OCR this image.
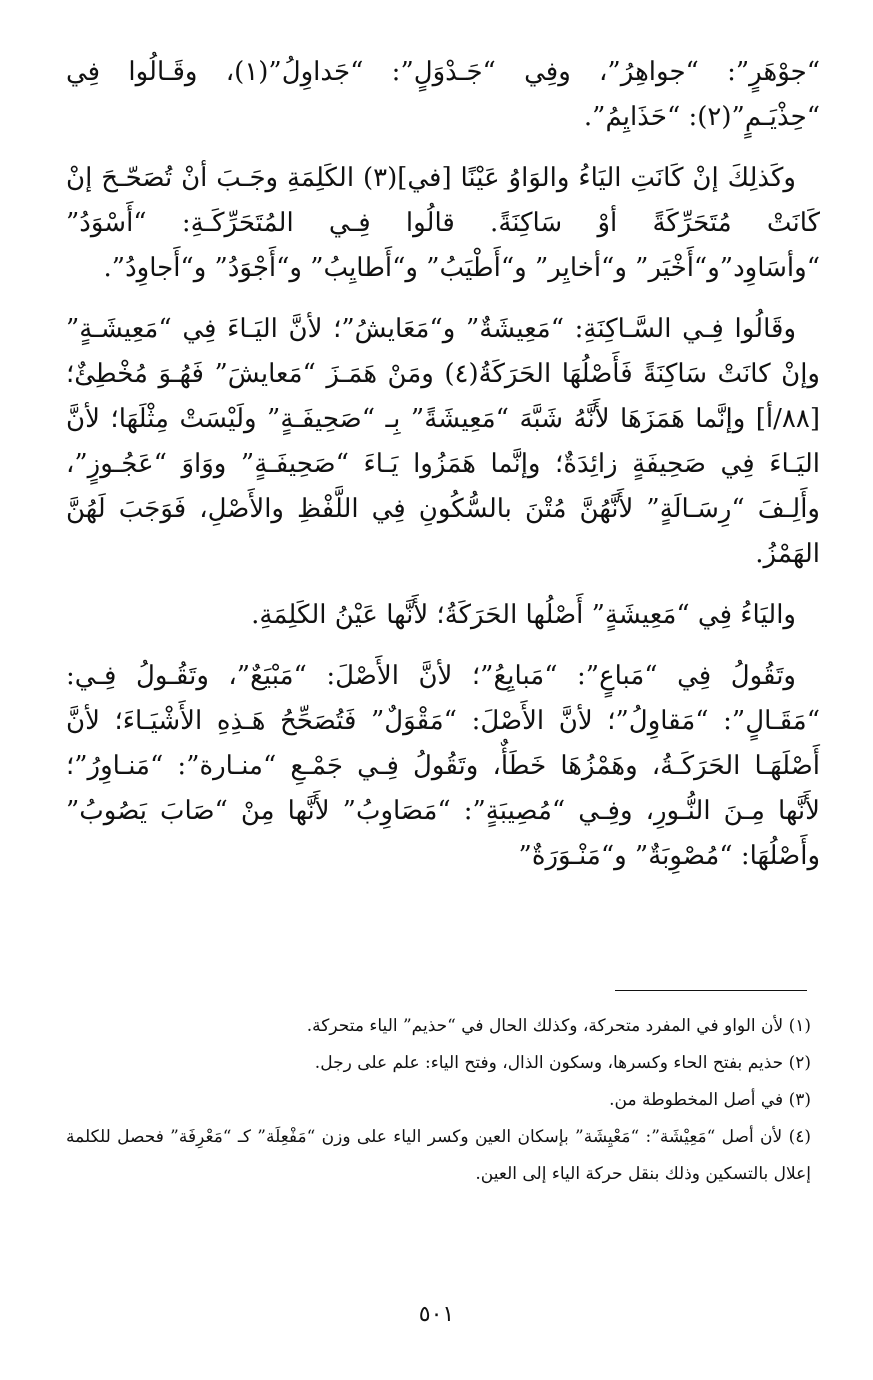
“جوْهَرٍ”: “جواهِرُ”، وفِي “جَـدْوَلٍ”: “جَداوِلُ”(١)، وقَـالُوا فِي “حِذْيَـمٍ”(٢): “حَذَايِمُ”.

وكَذلِكَ إنْ كَانَتِ اليَاءُ والوَاوُ عَيْنًا [في](٣) الكَلِمَةِ وجَـبَ أنْ تُصَحّـحَ إنْ كَانَتْ مُتَحَرِّكَةً أوْ سَاكِنَةً. قالُوا فِـي المُتَحَرِّكَـةِ: “أَسْوَدُ” “وأسَاوِد”و“أَخْيَر” و“أخايِر” و“أَطْيَبُ” و“أَطايِبُ” و“أَجْوَدُ” و“أَجاوِدُ”.

وقَالُوا فِـي السَّـاكِنَةِ: “مَعِيشَةٌ” و“مَعَايشُ”؛ لأنَّ اليَـاءَ فِي “مَعِيشَـةٍ” وإنْ كانَتْ سَاكِنَةً فَأَصْلُهَا الحَرَكَةُ(٤) ومَنْ هَمَـزَ “مَعايشَ” فَهُـوَ مُخْطِئٌ؛ [٨٨/أ] وإنَّما هَمَزَهَا لأَنَّهُ شَبَّهَ “مَعِيشَةً” بِـ “صَحِيفَـةٍ” ولَيْسَتْ مِثْلَهَا؛ لأنَّ اليَـاءَ فِي صَحِيفَةٍ زائِدَةٌ؛ وإنَّما هَمَزُوا يَـاءَ “صَحِيفَـةٍ” ووَاوَ “عَجُـوزٍ”، وأَلِـفَ “رِسَـالَةٍ” لأَنَّهُنَّ مُتْنَ بالسُّكُونِ فِي اللَّفْظِ والأَصْلِ، فَوَجَبَ لَهُنَّ الهَمْزُ.

واليَاءُ فِي “مَعِيشَةٍ” أَصْلُها الحَرَكَةُ؛ لأَنَّها عَيْنُ الكَلِمَةِ.

وتَقُولُ فِي “مَباعٍ”: “مَبايِعُ”؛ لأنَّ الأَصْلَ: “مَبْيَعٌ”، وتَقُـولُ فِـي: “مَقَـالٍ”: “مَقاوِلُ”؛ لأنَّ الأَصْلَ: “مَقْوَلٌ” فَتُصَحِّحُ هَـذِهِ الأَشْيَـاءَ؛ لأنَّ أَصْلَهَـا الحَرَكَـةُ، وهَمْزُهَا خَطَأٌ، وتَقُولُ فِـي جَمْـعِ “منـارة”: “مَنـاوِرُ”؛ لأَنَّها مِـنَ النُّـورِ، وفِـي “مُصِيبَةٍ”: “مَصَاوِبُ” لأَنَّها مِنْ “صَابَ يَصُوبُ” وأَصْلُهَا: “مُصْوِبَةٌ” و“مَنْـوَرَةٌ”

(١) لأن الواو في المفرد متحركة، وكذلك الحال في “حذيم” الياء متحركة.

(٢) حذيم بفتح الحاء وكسرها، وسكون الذال، وفتح الياء: علم على رجل.

(٣) في أصل المخطوطة من.

(٤) لأن أصل “مَعِيْشَة”: “مَعْيِشَة” بإسكان العين وكسر الياء على وزن “مَفْعِلَة” كـ “مَعْرِفَة” فحصل للكلمة إعلال بالتسكين وذلك بنقل حركة الياء إلى العين.

٥٠١
